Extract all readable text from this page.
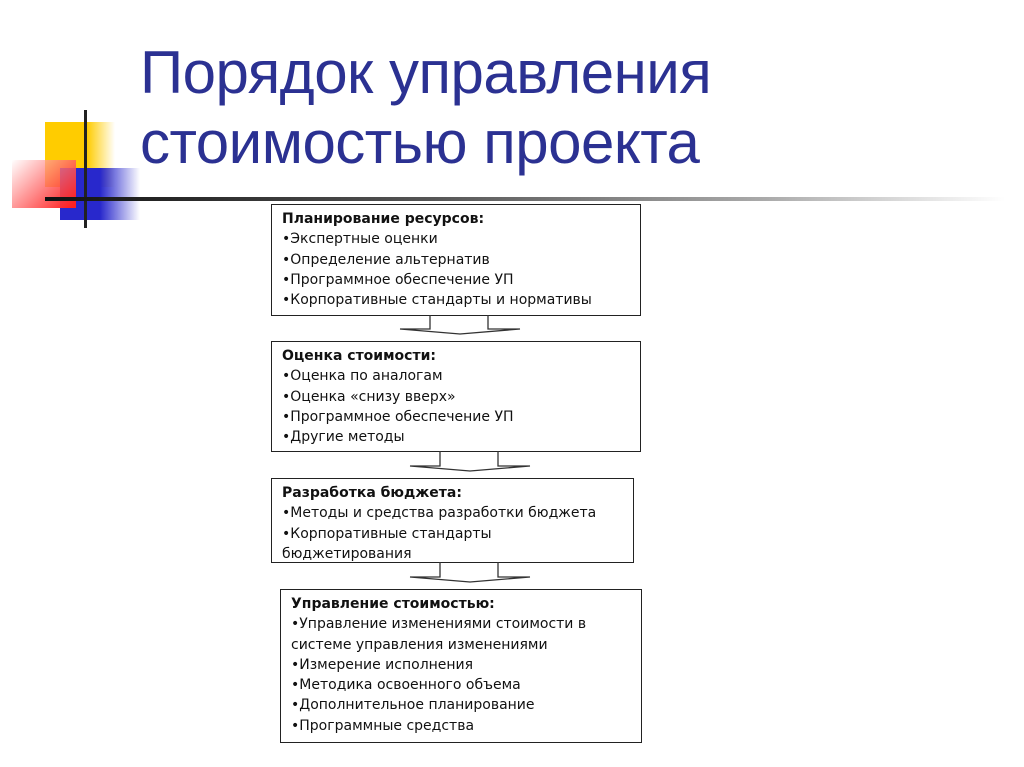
Порядок управления
стоимостью проекта
Планирование ресурсов:
• Экспертные оценки
• Определение альтернатив
• Программное обеспечение УП
• Корпоративные стандарты и нормативы
Оценка стоимости:
• Оценка по аналогам
• Оценка «снизу вверх»
• Программное обеспечение УП
• Другие методы
Разработка бюджета:
• Методы и средства разработки бюджета
• Корпоративные стандарты бюджетирования
Управление стоимостью:
• Управление изменениями стоимости в системе управления изменениями
• Измерение исполнения
• Методика освоенного объема
• Дополнительное планирование
• Программные средства
